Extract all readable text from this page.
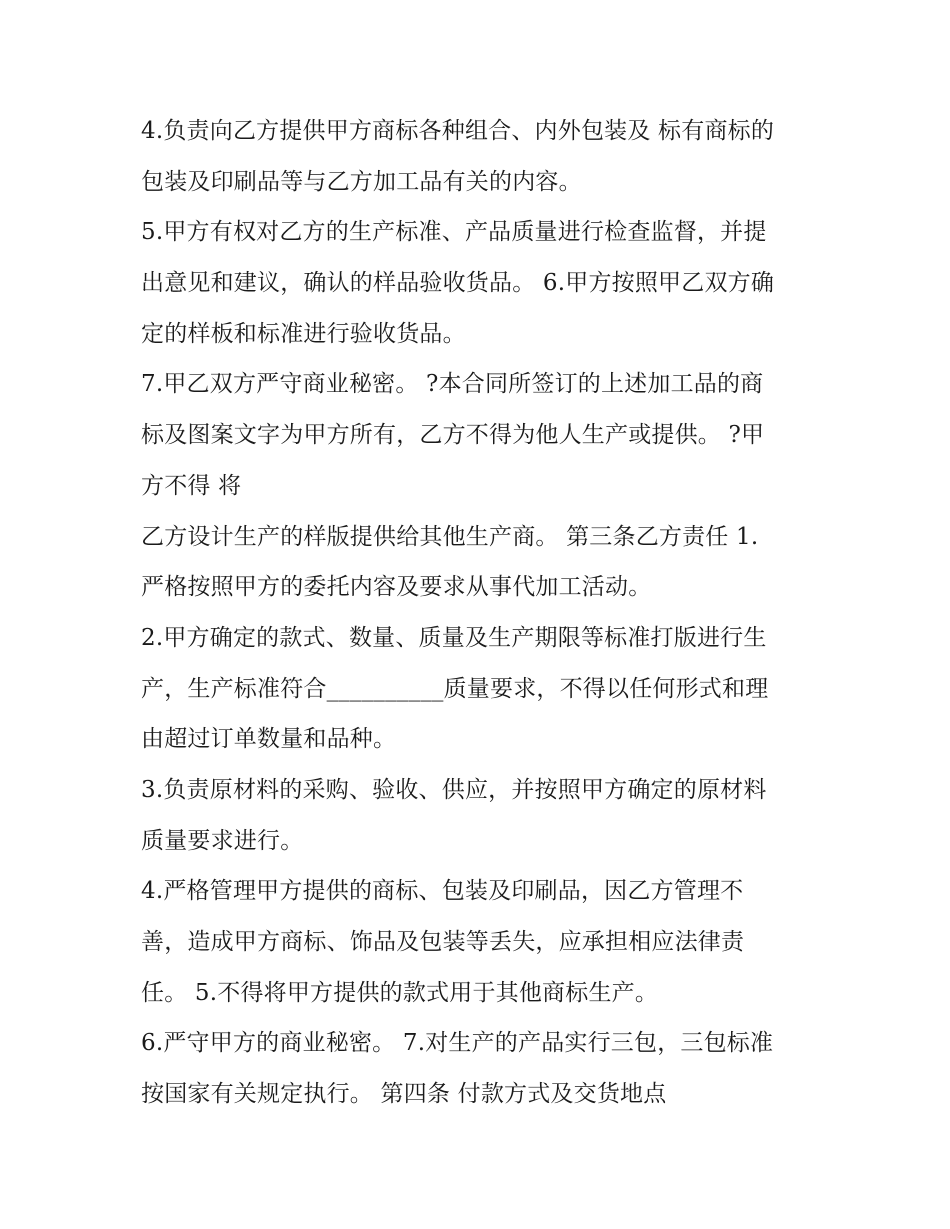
4.负责向乙方提供甲方商标各种组合、内外包装及 标有商标的
包装及印刷品等与乙方加工品有关的内容。
5.甲方有权对乙方的生产标准、产品质量进行检查监督，并提
出意见和建议，确认的样品验收货品。 6.甲方按照甲乙双方确
定的样板和标准进行验收货品。
7.甲乙双方严守商业秘密。 ?本合同所签订的上述加工品的商
标及图案文字为甲方所有，乙方不得为他人生产或提供。 ?甲
方不得 将
乙方设计生产的样版提供给其他生产商。 第三条乙方责任 1.
严格按照甲方的委托内容及要求从事代加工活动。
2.甲方确定的款式、数量、质量及生产期限等标准打版进行生
产，生产标准符合__________质量要求，不得以任何形式和理
由超过订单数量和品种。
3.负责原材料的采购、验收、供应，并按照甲方确定的原材料
质量要求进行。
4.严格管理甲方提供的商标、包装及印刷品，因乙方管理不
善，造成甲方商标、饰品及包装等丢失，应承担相应法律责
任。 5.不得将甲方提供的款式用于其他商标生产。
6.严守甲方的商业秘密。 7.对生产的产品实行三包，三包标准
按国家有关规定执行。 第四条 付款方式及交货地点
